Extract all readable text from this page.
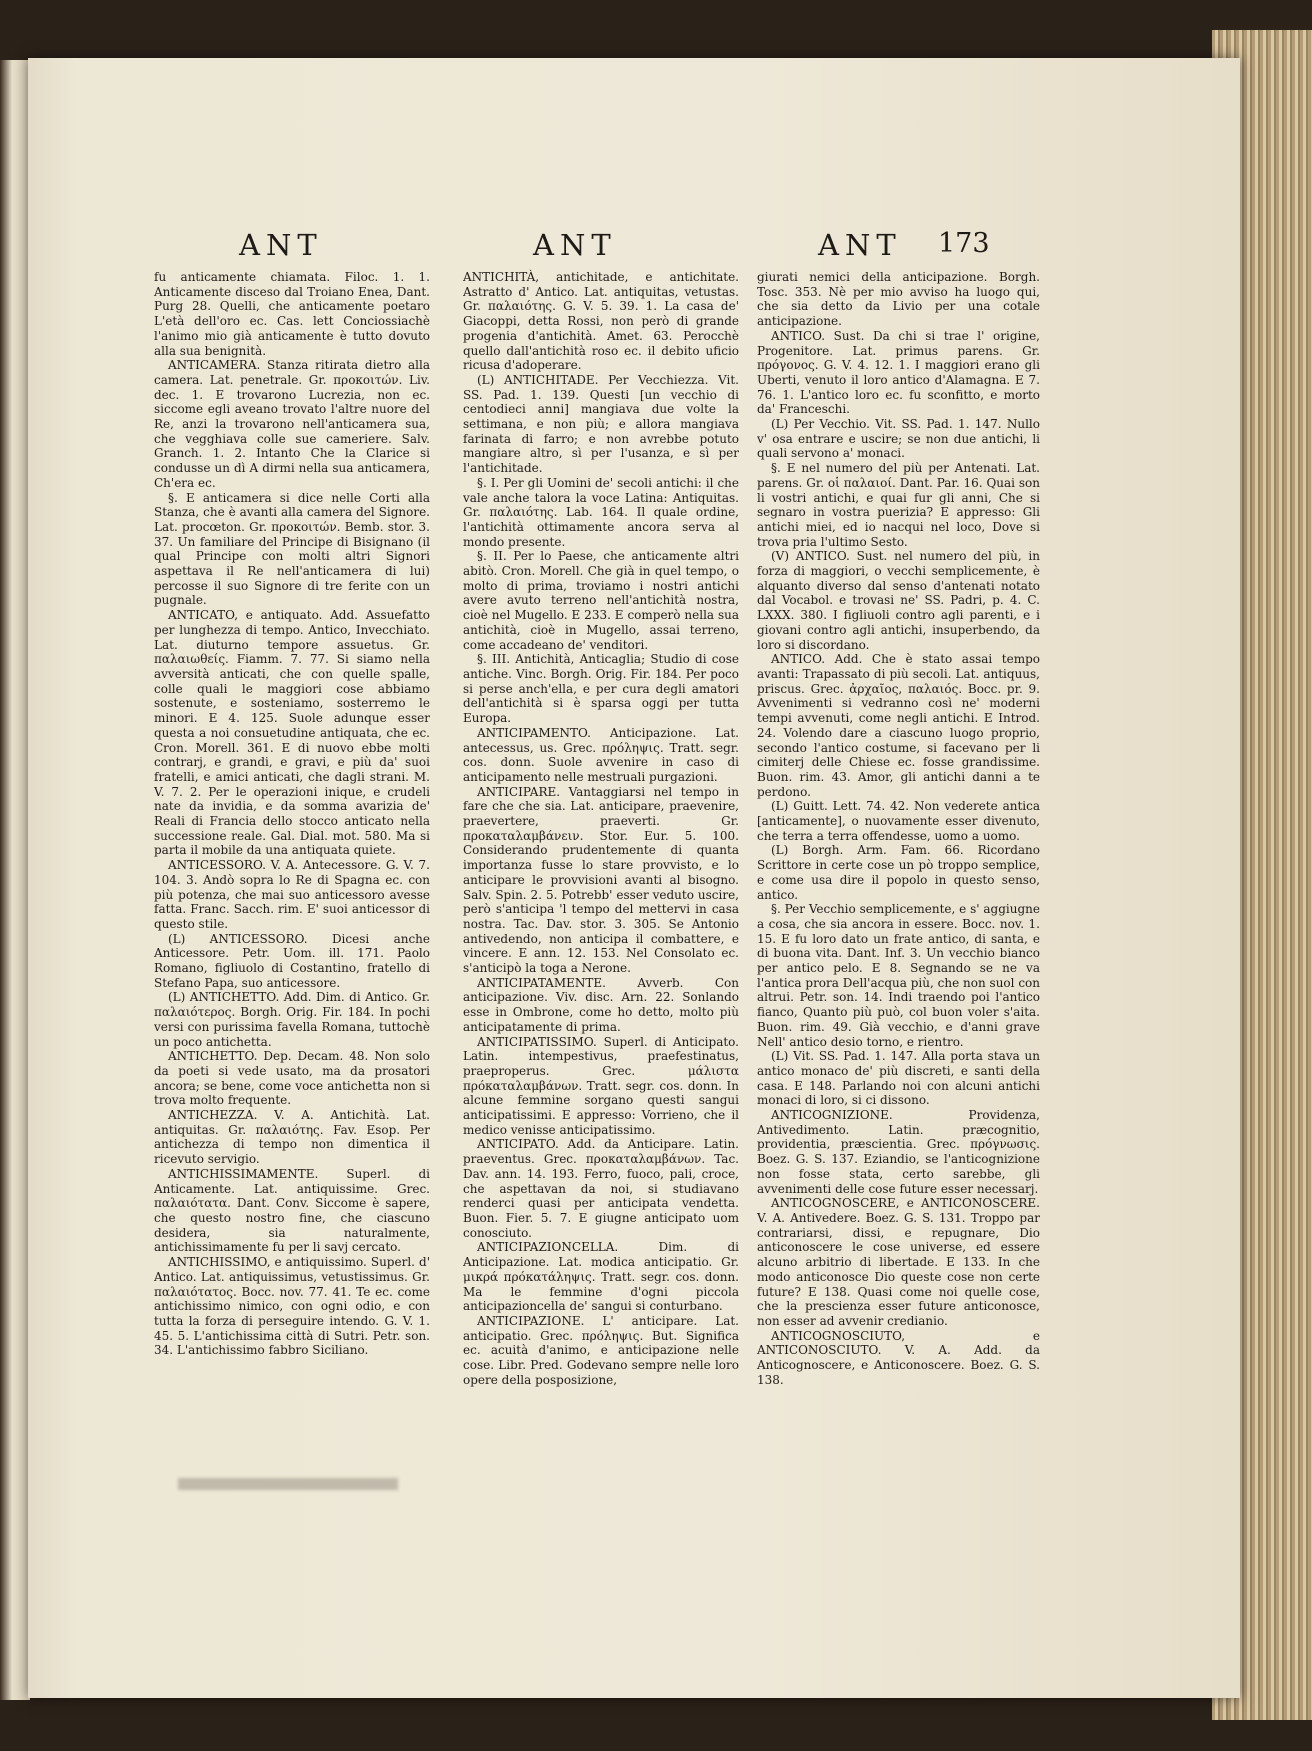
ANT	ANT	ANT 173

fu anticamente chiamata. Filoc. 1. 1. Anticamente disceso dal Troiano Enea, Dant. Purg 28. Quelli, che anticamente poetaro L'età dell'oro ec. Cas. lett Conciossiachè l'animo mio già anticamente è tutto dovuto alla sua benignità.

ANTICAMERA. Stanza ritirata dietro alla camera. Lat. penetrale. Gr. προκοιτών. Liv. dec. 1. E trovarono Lucrezia, non ec. siccome egli aveano trovato l'altre nuore del Re, anzi la trovarono nell'anticamera sua, che vegghiava colle sue cameriere. Salv. Granch. 1. 2. Intanto Che la Clarice si condusse un dì A dirmi nella sua anticamera, Ch'era ec.

§. E anticamera si dice nelle Corti alla Stanza, che è avanti alla camera del Signore. Lat. procœton. Gr. προκοιτών. Bemb. stor. 3. 37. Un familiare del Principe di Bisignano (il qual Principe con molti altri Signori aspettava il Re nell'anticamera di lui) percosse il suo Signore di tre ferite con un pugnale.

ANTICATO, e antiquato. Add. Assuefatto per lunghezza di tempo. Antico, Invecchiato. Lat. diuturno tempore assuetus. Gr. παλαιωθείς. Fiamm. 7. 77. Si siamo nella avversità anticati, che con quelle spalle, colle quali le maggiori cose abbiamo sostenute, e sosteniamo, sosterremo le minori. E 4. 125. Suole adunque esser questa a noi consuetudine antiquata, che ec. Cron. Morell. 361. E di nuovo ebbe molti contrarj, e grandi, e gravi, e più da' suoi fratelli, e amici anticati, che dagli strani. M. V. 7. 2. Per le operazioni inique, e crudeli nate da invidia, e da somma avarizia de' Reali di Francia dello stocco anticato nella successione reale. Gal. Dial. mot. 580. Ma si parta il mobile da una antiquata quiete.

ANTICESSORO. V. A. Antecessore. G. V. 7. 104. 3. Andò sopra lo Re di Spagna ec. con più potenza, che mai suo anticessoro avesse fatta. Franc. Sacch. rim. E' suoi anticessor di questo stile.

(L) ANTICESSORO. Dicesi anche Anticessore. Petr. Uom. ill. 171. Paolo Romano, figliuolo di Costantino, fratello di Stefano Papa, suo anticessore.

(L) ANTICHETTO. Add. Dim. di Antico. Gr. παλαιότερος. Borgh. Orig. Fir. 184. In pochi versi con purissima favella Romana, tuttochè un poco antichetta.

ANTICHETTO. Dep. Decam. 48. Non solo da poeti si vede usato, ma da prosatori ancora; se bene, come voce antichetta non si trova molto frequente.

ANTICHEZZA. V. A. Antichità. Lat. antiquitas. Gr. παλαιότης. Fav. Esop. Per antichezza di tempo non dimentica il ricevuto servigio.

ANTICHISSIMAMENTE. Superl. di Anticamente. Lat. antiquissime. Grec. παλαιότατα. Dant. Conv. Siccome è sapere, che questo nostro fine, che ciascuno desidera, sia naturalmente, antichissimamente fu per li savj cercato.

ANTICHISSIMO, e antiquissimo. Superl. d' Antico. Lat. antiquissimus, vetustissimus. Gr. παλαιότατος. Bocc. nov. 77. 41. Te ec. come antichissimo nimico, con ogni odio, e con tutta la forza di perseguire intendo. G. V. 1. 45. 5. L'antichissima città di Sutri. Petr. son. 34. L'antichissimo fabbro Siciliano.

ANTICHITÀ, antichitade, e antichitate. Astratto d' Antico. Lat. antiquitas, vetustas. Gr. παλαιότης. G. V. 5. 39. 1. La casa de' Giacoppi, detta Rossi, non però di grande progenia d'antichità. Amet. 63. Perocchè quello dall'antichità roso ec. il debito uficio ricusa d'adoperare.

(L) ANTICHITADE. Per Vecchiezza. Vit. SS. Pad. 1. 139. Questi [un vecchio di centodieci anni] mangiava due volte la settimana, e non più; e allora mangiava farinata di farro; e non avrebbe potuto mangiare altro, sì per l'usanza, e sì per l'antichitade.

§. I. Per gli Uomini de' secoli antichi: il che vale anche talora la voce Latina: Antiquitas. Gr. παλαιότης. Lab. 164. Il quale ordine, l'antichità ottimamente ancora serva al mondo presente.

§. II. Per lo Paese, che anticamente altri abitò. Cron. Morell. Che già in quel tempo, o molto di prima, troviamo i nostri antichi avere avuto terreno nell'antichità nostra, cioè nel Mugello. E 233. E comperò nella sua antichità, cioè in Mugello, assai terreno, come accadeano de' venditori.

§. III. Antichità, Anticaglia; Studio di cose antiche. Vinc. Borgh. Orig. Fir. 184. Per poco si perse anch'ella, e per cura degli amatori dell'antichità si è sparsa oggi per tutta Europa.

ANTICIPAMENTO. Anticipazione. Lat. antecessus, us. Grec. πρόληψις. Tratt. segr. cos. donn. Suole avvenire in caso di anticipamento nelle mestruali purgazioni.

ANTICIPARE. Vantaggiarsi nel tempo in fare che che sia. Lat. anticipare, praevenire, praevertere, praeverti. Gr. προκαταλαμβάνειν. Stor. Eur. 5. 100. Considerando prudentemente di quanta importanza fusse lo stare provvisto, e lo anticipare le provvisioni avanti al bisogno. Salv. Spin. 2. 5. Potrebb' esser veduto uscire, però s'anticipa 'l tempo del mettervi in casa nostra. Tac. Dav. stor. 3. 305. Se Antonio antivedendo, non anticipa il combattere, e vincere. E ann. 12. 153. Nel Consolato ec. s'anticipò la toga a Nerone.

ANTICIPATAMENTE. Avverb. Con anticipazione. Viv. disc. Arn. 22. Sonlando esse in Ombrone, come ho detto, molto più anticipatamente di prima.

ANTICIPATISSIMO. Superl. di Anticipato. Latin. intempestivus, praefestinatus, praeproperus. Grec. μάλιστα πρόκαταλαμβάνων. Tratt. segr. cos. donn. In alcune femmine sorgano questi sangui anticipatissimi. E appresso: Vorrieno, che il medico venisse anticipatissimo.

ANTICIPATO. Add. da Anticipare. Latin. praeventus. Grec. προκαταλαμβάνων. Tac. Dav. ann. 14. 193. Ferro, fuoco, pali, croce, che aspettavan da noi, si studiavano renderci quasi per anticipata vendetta. Buon. Fier. 5. 7. E giugne anticipato uom conosciuto.

ANTICIPAZIONCELLA. Dim. di Anticipazione. Lat. modica anticipatio. Gr. μικρά πρόκατάληψις. Tratt. segr. cos. donn. Ma le femmine d'ogni piccola anticipazioncella de' sangui si conturbano.

ANTICIPAZIONE. L' anticipare. Lat. anticipatio. Grec. πρόληψις. But. Significa ec. acuità d'animo, e anticipazione nelle cose. Libr. Pred. Godevano sempre nelle loro opere della posposizione,

giurati nemici della anticipazione. Borgh. Tosc. 353. Nè per mio avviso ha luogo qui, che sia detto da Livio per una cotale anticipazione.

ANTICO. Sust. Da chi si trae l' origine, Progenitore. Lat. primus parens. Gr. πρόγονος. G. V. 4. 12. 1. I maggiori erano gli Uberti, venuto il loro antico d'Alamagna. E 7. 76. 1. L'antico loro ec. fu sconfitto, e morto da' Franceschi.

(L) Per Vecchio. Vit. SS. Pad. 1. 147. Nullo v' osa entrare e uscire; se non due antichi, li quali servono a' monaci.

§. E nel numero del più per Antenati. Lat. parens. Gr. οἱ παλαιοί. Dant. Par. 16. Quai son li vostri antichi, e quai fur gli anni, Che si segnaro in vostra puerizia? E appresso: Gli antichi miei, ed io nacqui nel loco, Dove si trova pria l'ultimo Sesto.

(V) ANTICO. Sust. nel numero del più, in forza di maggiori, o vecchi semplicemente, è alquanto diverso dal senso d'antenati notato dal Vocabol. e trovasi ne' SS. Padri, p. 4. C. LXXX. 380. I figliuoli contro agli parenti, e i giovani contro agli antichi, insuperbendo, da loro si discordano.

ANTICO. Add. Che è stato assai tempo avanti: Trapassato di più secoli. Lat. antiquus, priscus. Grec. ἀρχαῖος, παλαιός. Bocc. pr. 9. Avvenimenti si vedranno così ne' moderni tempi avvenuti, come negli antichi. E Introd. 24. Volendo dare a ciascuno luogo proprio, secondo l'antico costume, si facevano per li cimiterj delle Chiese ec. fosse grandissime. Buon. rim. 43. Amor, gli antichi danni a te perdono.

(L) Guitt. Lett. 74. 42. Non vederete antica [anticamente], o nuovamente esser divenuto, che terra a terra offendesse, uomo a uomo.

(L) Borgh. Arm. Fam. 66. Ricordano Scrittore in certe cose un pò troppo semplice, e come usa dire il popolo in questo senso, antico.

§. Per Vecchio semplicemente, e s' aggiugne a cosa, che sia ancora in essere. Bocc. nov. 1. 15. E fu loro dato un frate antico, di santa, e di buona vita. Dant. Inf. 3. Un vecchio bianco per antico pelo. E 8. Segnando se ne va l'antica prora Dell'acqua più, che non suol con altrui. Petr. son. 14. Indi traendo poi l'antico fianco, Quanto più può, col buon voler s'aita. Buon. rim. 49. Già vecchio, e d'anni grave Nell' antico desio torno, e rientro.

(L) Vit. SS. Pad. 1. 147. Alla porta stava un antico monaco de' più discreti, e santi della casa. E 148. Parlando noi con alcuni antichi monaci di loro, si ci dissono.

ANTICOGNIZIONE. Providenza, Antivedimento. Latin. præcognitio, providentia, præscientia. Grec. πρόγνωσις. Boez. G. S. 137. Eziandio, se l'anticognizione non fosse stata, certo sarebbe, gli avvenimenti delle cose future esser necessarj.

ANTICOGNOSCERE, e ANTICONOSCERE. V. A. Antivedere. Boez. G. S. 131. Troppo par contrariarsi, dissi, e repugnare, Dio anticonoscere le cose universe, ed essere alcuno arbitrio di libertade. E 133. In che modo anticonosce Dio queste cose non certe future? E 138. Quasi come noi quelle cose, che la prescienza esser future anticonosce, non esser ad avvenir credianio.

ANTICOGNOSCIUTO, e ANTICONOSCIUTO. V. A. Add. da Anticognoscere, e Anticonoscere. Boez. G. S. 138.
